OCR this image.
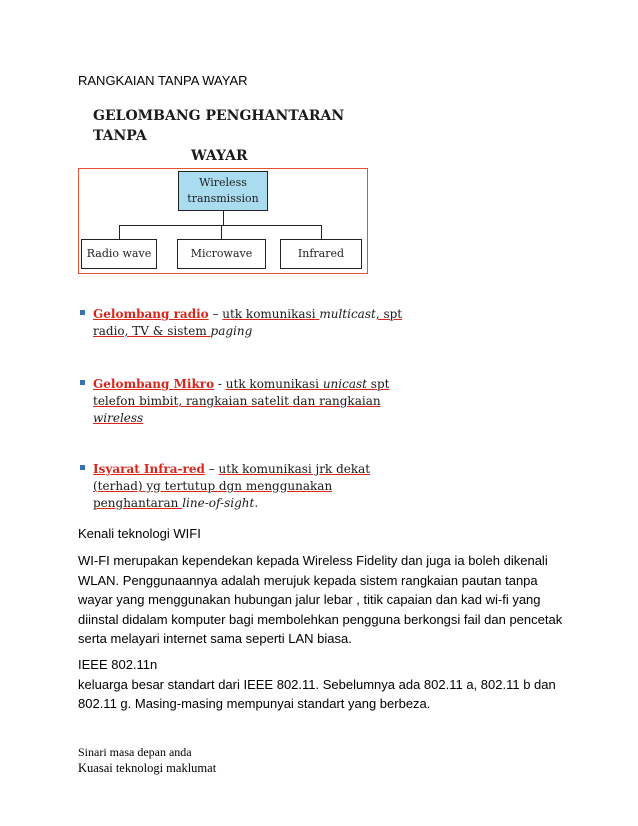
RANGKAIAN TANPA WAYAR
GELOMBANG PENGHANTARAN TANPA
WAYAR
Wireless
transmission
Radio wave	Microwave	Infrared
Gelombang radio – utk komunikasi multicast, spt radio, TV & sistem paging
Gelombang Mikro - utk komunikasi unicast spt telefon bimbit, rangkaian satelit dan rangkaian wireless
Isyarat Infra-red – utk komunikasi jrk dekat (terhad) yg tertutup dgn menggunakan penghantaran line-of-sight.
Kenali teknologi WIFI
WI-FI merupakan kependekan kepada Wireless Fidelity dan juga ia boleh dikenali WLAN. Penggunaannya adalah merujuk kepada sistem rangkaian pautan tanpa wayar yang menggunakan hubungan jalur lebar , titik capaian dan kad wi-fi yang diinstal didalam komputer bagi membolehkan pengguna berkongsi fail dan pencetak serta melayari internet sama seperti LAN biasa.
IEEE 802.11n
keluarga besar standart dari IEEE 802.11. Sebelumnya ada 802.11 a, 802.11 b dan 802.11 g. Masing-masing mempunyai standart yang berbeza.
Sinari masa depan anda
Kuasai teknologi maklumat
